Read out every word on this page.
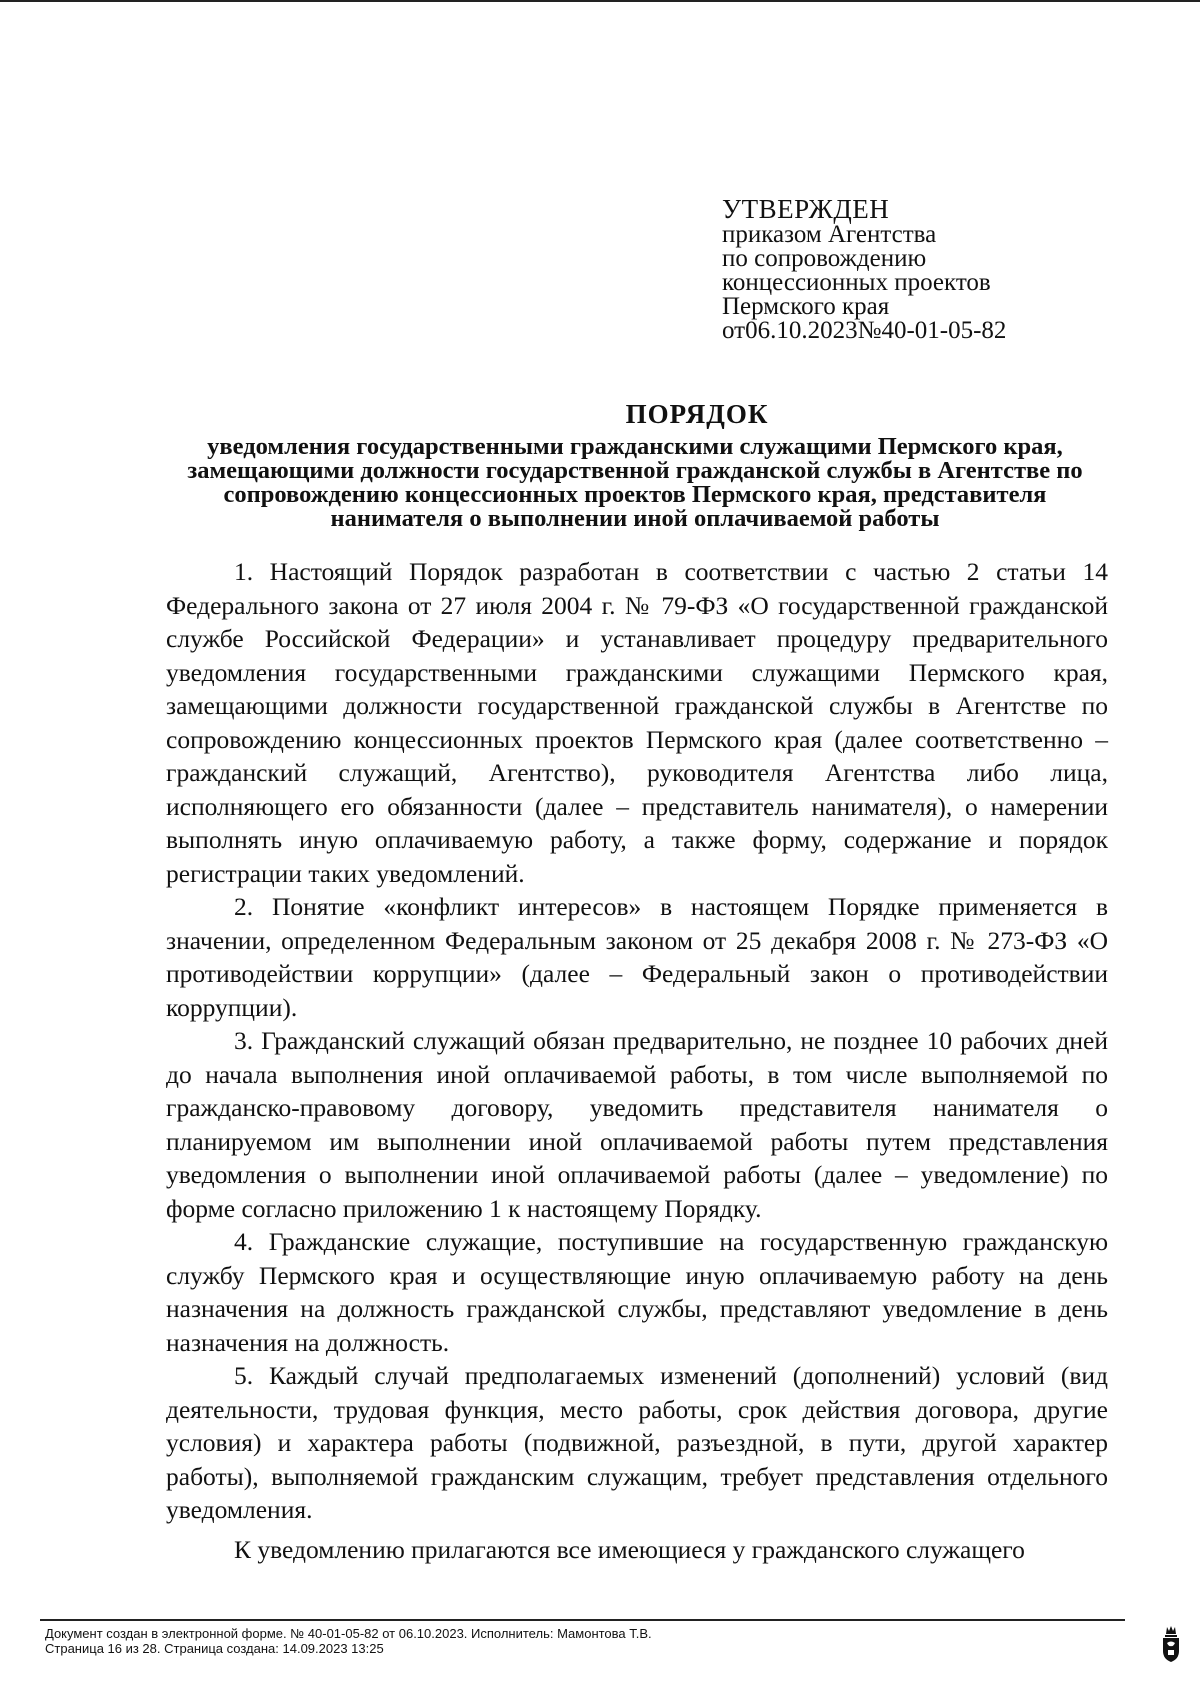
УТВЕРЖДЕН
приказом Агентства
по сопровождению
концессионных проектов
Пермского края
от06.10.2023№40-01-05-82
ПОРЯДОК
уведомления государственными гражданскими служащими Пермского края, замещающими должности государственной гражданской службы в Агентстве по сопровождению концессионных проектов Пермского края, представителя нанимателя о выполнении иной оплачиваемой работы

1. Настоящий Порядок разработан в соответствии с частью 2 статьи 14 Федерального закона от 27 июля 2004 г. № 79-ФЗ «О государственной гражданской службе Российской Федерации» и устанавливает процедуру предварительного уведомления государственными гражданскими служащими Пермского края, замещающими должности государственной гражданской службы в Агентстве по сопровождению концессионных проектов Пермского края (далее соответственно – гражданский служащий, Агентство), руководителя Агентства либо лица, исполняющего его обязанности (далее – представитель нанимателя), о намерении выполнять иную оплачиваемую работу, а также форму, содержание и порядок регистрации таких уведомлений.

2. Понятие «конфликт интересов» в настоящем Порядке применяется в значении, определенном Федеральным законом от 25 декабря 2008 г. № 273-ФЗ «О противодействии коррупции» (далее – Федеральный закон о противодействии коррупции).

3. Гражданский служащий обязан предварительно, не позднее 10 рабочих дней до начала выполнения иной оплачиваемой работы, в том числе выполняемой по гражданско-правовому договору, уведомить представителя нанимателя о планируемом им выполнении иной оплачиваемой работы путем представления уведомления о выполнении иной оплачиваемой работы (далее – уведомление) по форме согласно приложению 1 к настоящему Порядку.

4. Гражданские служащие, поступившие на государственную гражданскую службу Пермского края и осуществляющие иную оплачиваемую работу на день назначения на должность гражданской службы, представляют уведомление в день назначения на должность.

5. Каждый случай предполагаемых изменений (дополнений) условий (вид деятельности, трудовая функция, место работы, срок действия договора, другие условия) и характера работы (подвижной, разъездной, в пути, другой характер работы), выполняемой гражданским служащим, требует представления отдельного уведомления.

К уведомлению прилагаются все имеющиеся у гражданского служащего

Документ создан в электронной форме. № 40-01-05-82 от 06.10.2023. Исполнитель: Мамонтова Т.В.
Страница 16 из 28. Страница создана: 14.09.2023 13:25
